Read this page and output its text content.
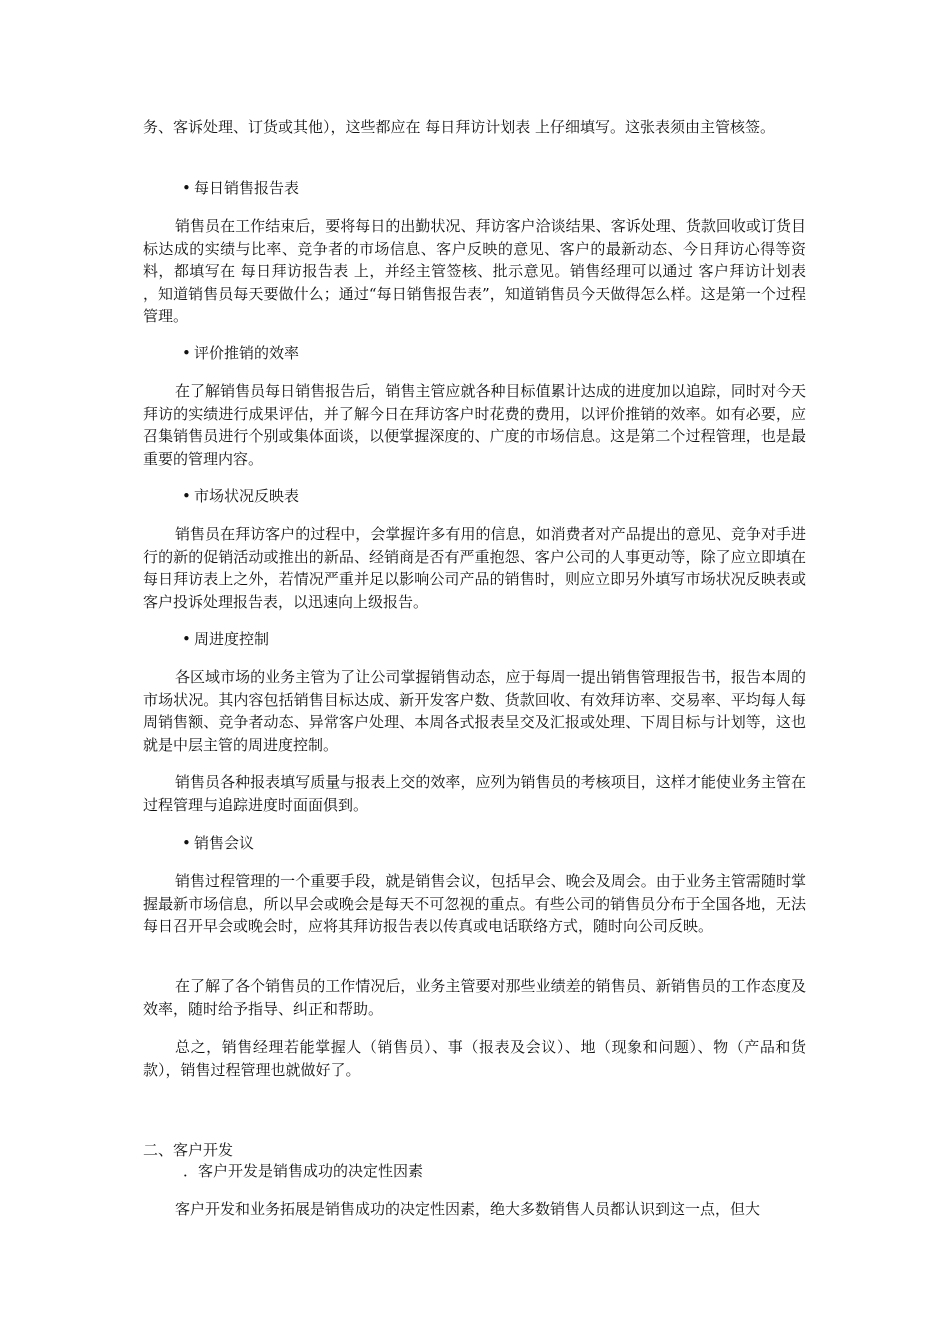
务、客诉处理、订货或其他），这些都应在 每日拜访计划表 上仔细填写。这张表须由主管核签。

• 每日销售报告表

销售员在工作结束后，要将每日的出勤状况、拜访客户洽谈结果、客诉处理、货款回收或订货目标达成的实绩与比率、竞争者的市场信息、客户反映的意见、客户的最新动态、今日拜访心得等资料，都填写在 每日拜访报告表 上，并经主管签核、批示意见。销售经理可以通过 客户拜访计划表 ，知道销售员每天要做什么；通过“每日销售报告表”，知道销售员今天做得怎么样。这是第一个过程管理。

• 评价推销的效率

在了解销售员每日销售报告后，销售主管应就各种目标值累计达成的进度加以追踪，同时对今天拜访的实绩进行成果评估，并了解今日在拜访客户时花费的费用，以评价推销的效率。如有必要，应召集销售员进行个别或集体面谈，以便掌握深度的、广度的市场信息。这是第二个过程管理，也是最重要的管理内容。

• 市场状况反映表

销售员在拜访客户的过程中，会掌握许多有用的信息，如消费者对产品提出的意见、竞争对手进行的新的促销活动或推出的新品、经销商是否有严重抱怨、客户公司的人事更动等，除了应立即填在每日拜访表上之外，若情况严重并足以影响公司产品的销售时，则应立即另外填写市场状况反映表或客户投诉处理报告表，以迅速向上级报告。

• 周进度控制

各区域市场的业务主管为了让公司掌握销售动态，应于每周一提出销售管理报告书，报告本周的市场状况。其内容包括销售目标达成、新开发客户数、货款回收、有效拜访率、交易率、平均每人每周销售额、竞争者动态、异常客户处理、本周各式报表呈交及汇报或处理、下周目标与计划等，这也就是中层主管的周进度控制。

销售员各种报表填写质量与报表上交的效率，应列为销售员的考核项目，这样才能使业务主管在过程管理与追踪进度时面面俱到。

• 销售会议

销售过程管理的一个重要手段，就是销售会议，包括早会、晚会及周会。由于业务主管需随时掌握最新市场信息，所以早会或晚会是每天不可忽视的重点。有些公司的销售员分布于全国各地，无法每日召开早会或晚会时，应将其拜访报告表以传真或电话联络方式，随时向公司反映。

在了解了各个销售员的工作情况后，业务主管要对那些业绩差的销售员、新销售员的工作态度及效率，随时给予指导、纠正和帮助。

总之，销售经理若能掌握人（销售员）、事（报表及会议）、地（现象和问题）、物（产品和货款），销售过程管理也就做好了。

二、客户开发

．客户开发是销售成功的决定性因素

客户开发和业务拓展是销售成功的决定性因素，绝大多数销售人员都认识到这一点，但大
